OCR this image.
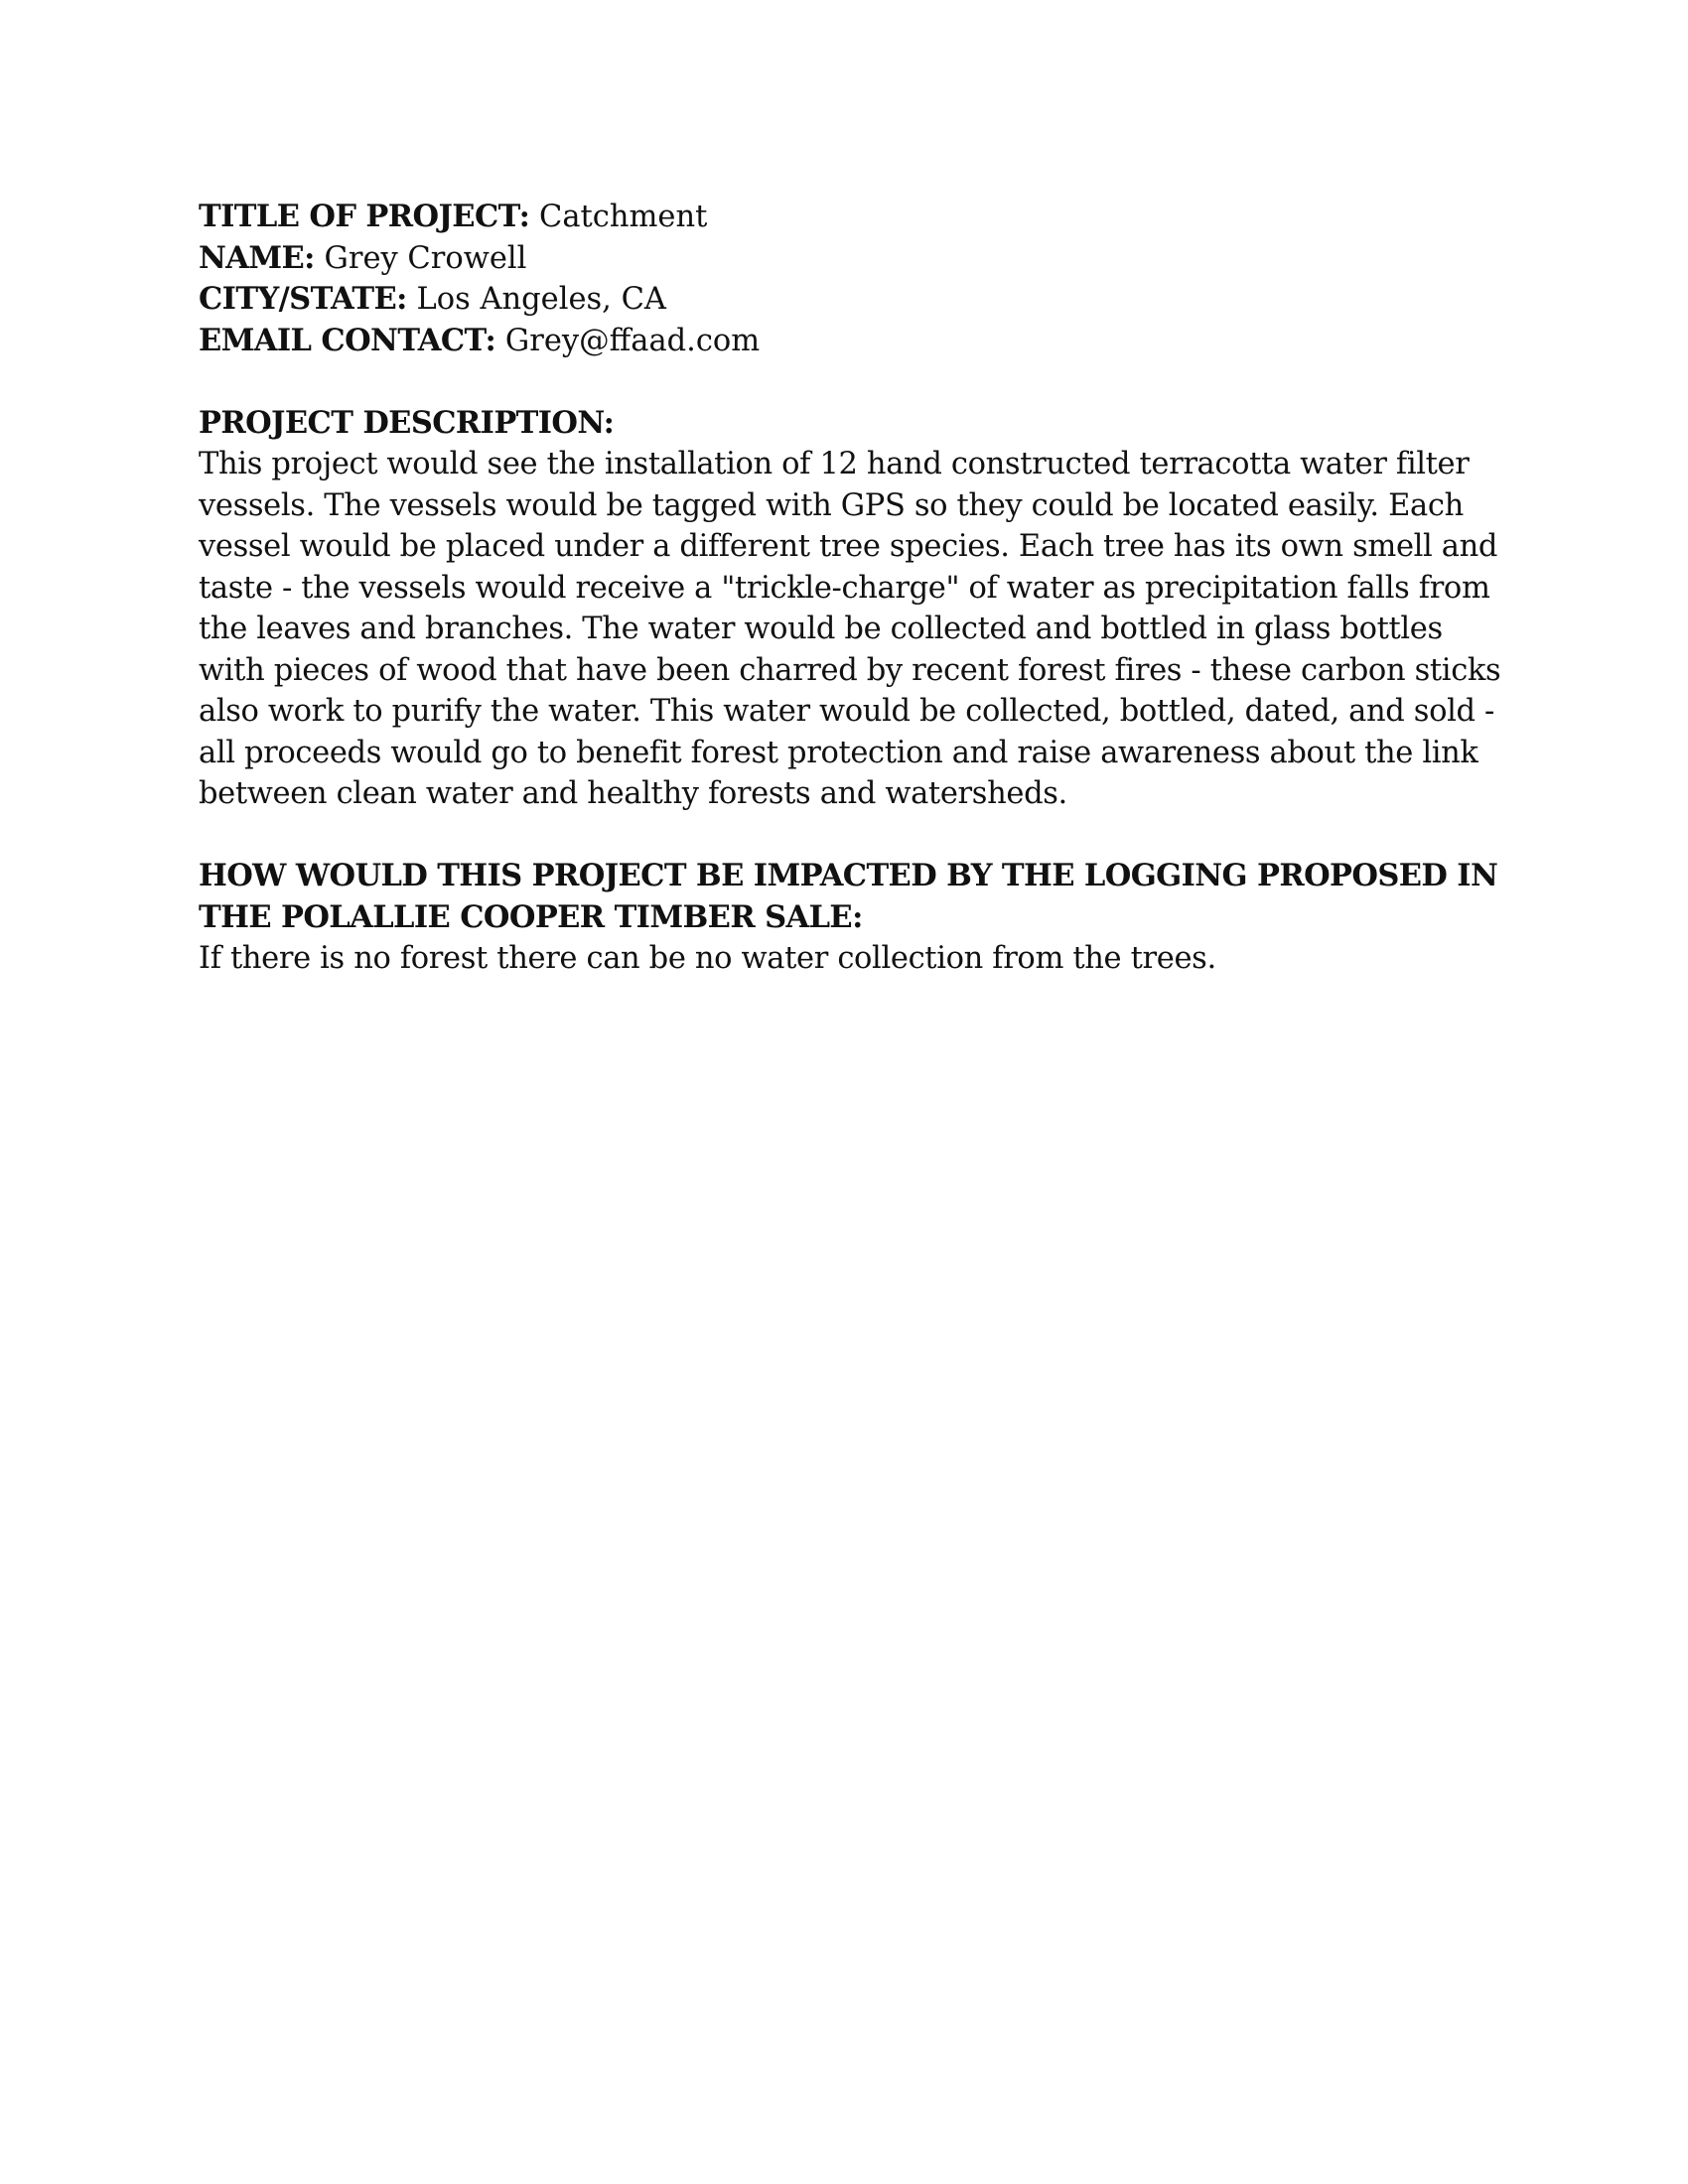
TITLE OF PROJECT: Catchment
NAME: Grey Crowell
CITY/STATE: Los Angeles, CA
EMAIL CONTACT: Grey@ffaad.com
PROJECT DESCRIPTION:
This project would see the installation of 12 hand constructed terracotta water filter
vessels. The vessels would be tagged with GPS so they could be located easily. Each
vessel would be placed under a different tree species. Each tree has its own smell and
taste - the vessels would receive a "trickle-charge" of water as precipitation falls from
the leaves and branches. The water would be collected and bottled in glass bottles
with pieces of wood that have been charred by recent forest fires - these carbon sticks
also work to purify the water. This water would be collected, bottled, dated, and sold -
all proceeds would go to benefit forest protection and raise awareness about the link
between clean water and healthy forests and watersheds.
HOW WOULD THIS PROJECT BE IMPACTED BY THE LOGGING PROPOSED IN
THE POLALLIE COOPER TIMBER SALE:
If there is no forest there can be no water collection from the trees.
